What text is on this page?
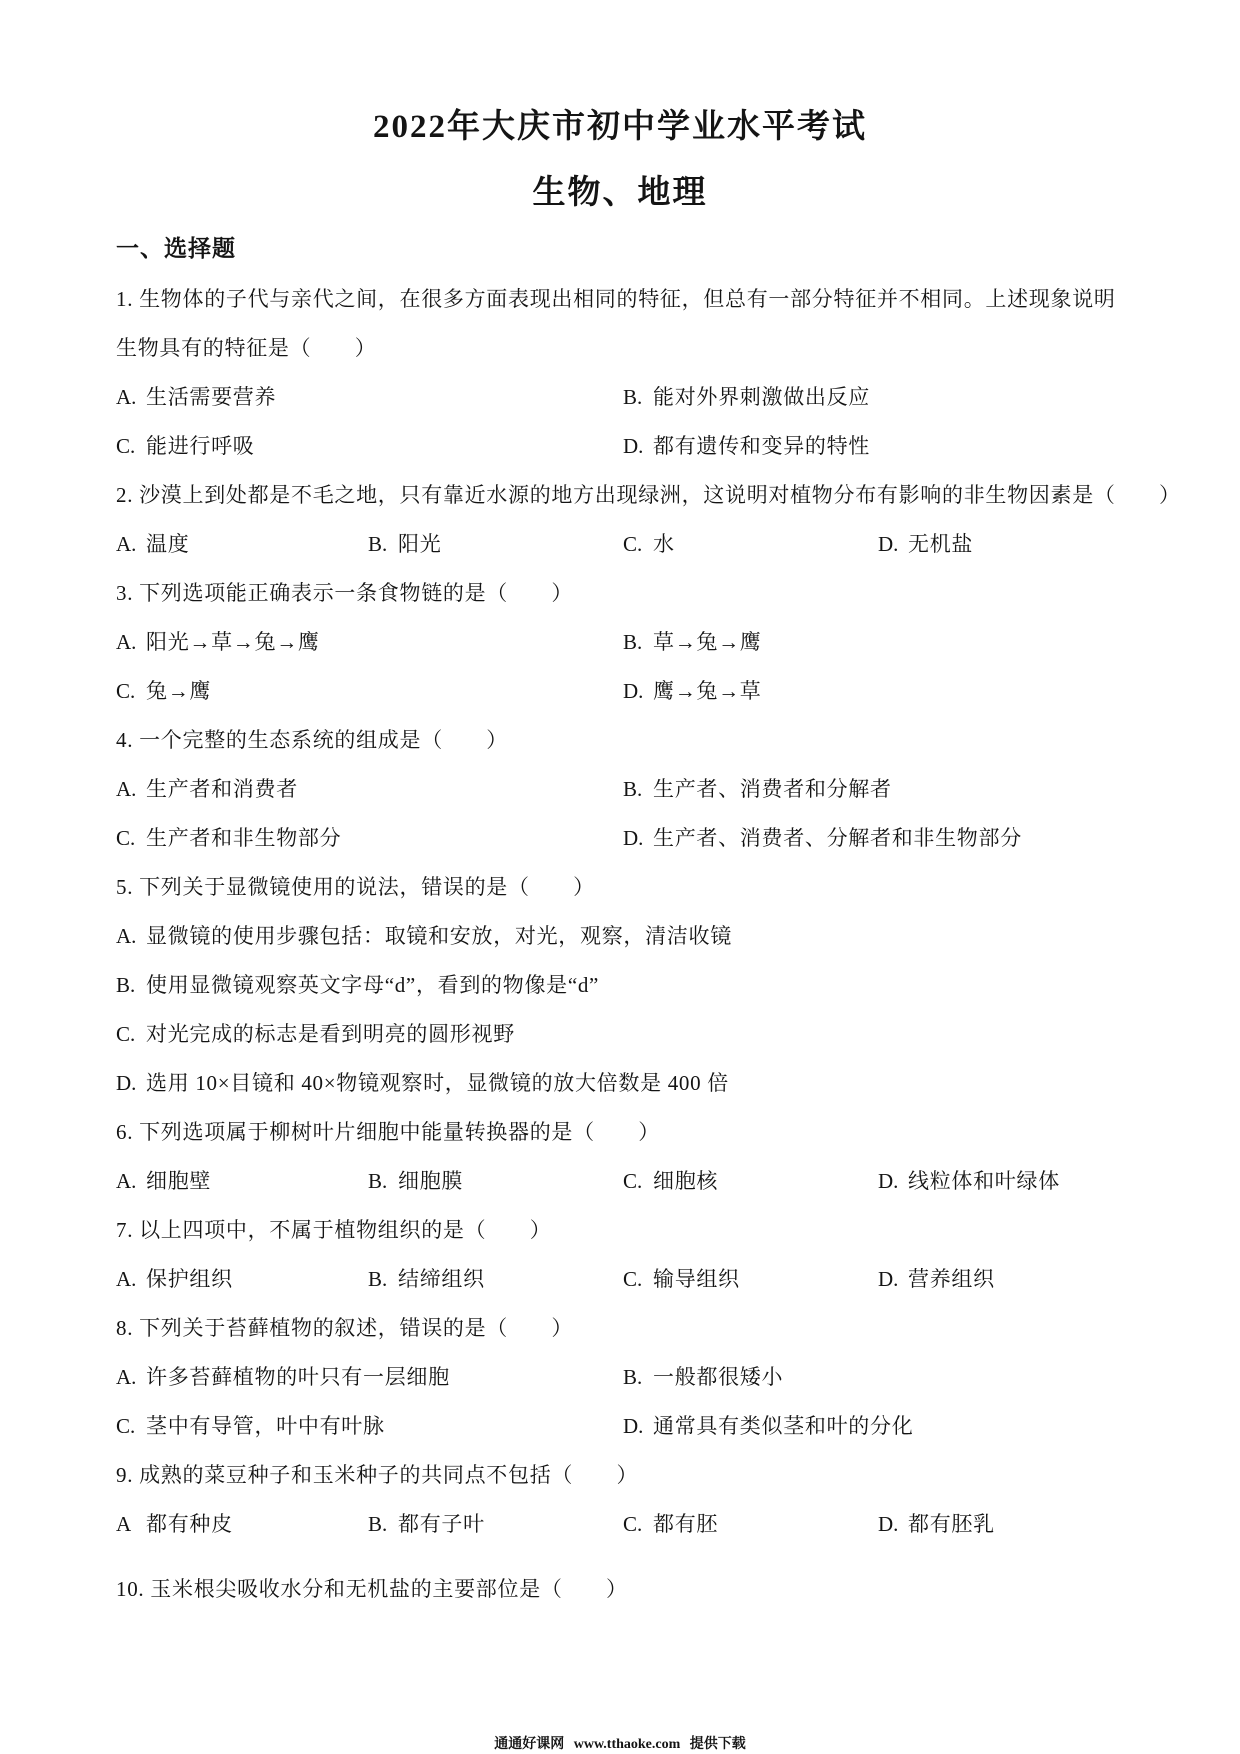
2022年大庆市初中学业水平考试
生物、地理
一、选择题
1. 生物体的子代与亲代之间，在很多方面表现出相同的特征，但总有一部分特征并不相同。上述现象说明
生物具有的特征是（　　）
A. 生活需要营养	B. 能对外界刺激做出反应
C. 能进行呼吸	D. 都有遗传和变异的特性
2. 沙漠上到处都是不毛之地，只有靠近水源的地方出现绿洲，这说明对植物分布有影响的非生物因素是（　　）
A. 温度	B. 阳光	C. 水	D. 无机盐
3. 下列选项能正确表示一条食物链的是（　　）
A. 阳光→草→兔→鹰	B. 草→兔→鹰
C. 兔→鹰	D. 鹰→兔→草
4. 一个完整的生态系统的组成是（　　）
A. 生产者和消费者	B. 生产者、消费者和分解者
C. 生产者和非生物部分	D. 生产者、消费者、分解者和非生物部分
5. 下列关于显微镜使用的说法，错误的是（　　）
A. 显微镜的使用步骤包括：取镜和安放，对光，观察，清洁收镜
B. 使用显微镜观察英文字母“d”，看到的物像是“d”
C. 对光完成的标志是看到明亮的圆形视野
D. 选用 10×目镜和 40×物镜观察时，显微镜的放大倍数是 400 倍
6. 下列选项属于柳树叶片细胞中能量转换器的是（　　）
A. 细胞壁	B. 细胞膜	C. 细胞核	D. 线粒体和叶绿体
7. 以上四项中，不属于植物组织的是（　　）
A. 保护组织	B. 结缔组织	C. 输导组织	D. 营养组织
8. 下列关于苔藓植物的叙述，错误的是（　　）
A. 许多苔藓植物的叶只有一层细胞	B. 一般都很矮小
C. 茎中有导管，叶中有叶脉	D. 通常具有类似茎和叶的分化
9. 成熟的菜豆种子和玉米种子的共同点不包括（　　）
A 都有种皮	B. 都有子叶	C. 都有胚	D. 都有胚乳
10. 玉米根尖吸收水分和无机盐的主要部位是（　　）
通通好课网 www.tthaoke.com 提供下载
